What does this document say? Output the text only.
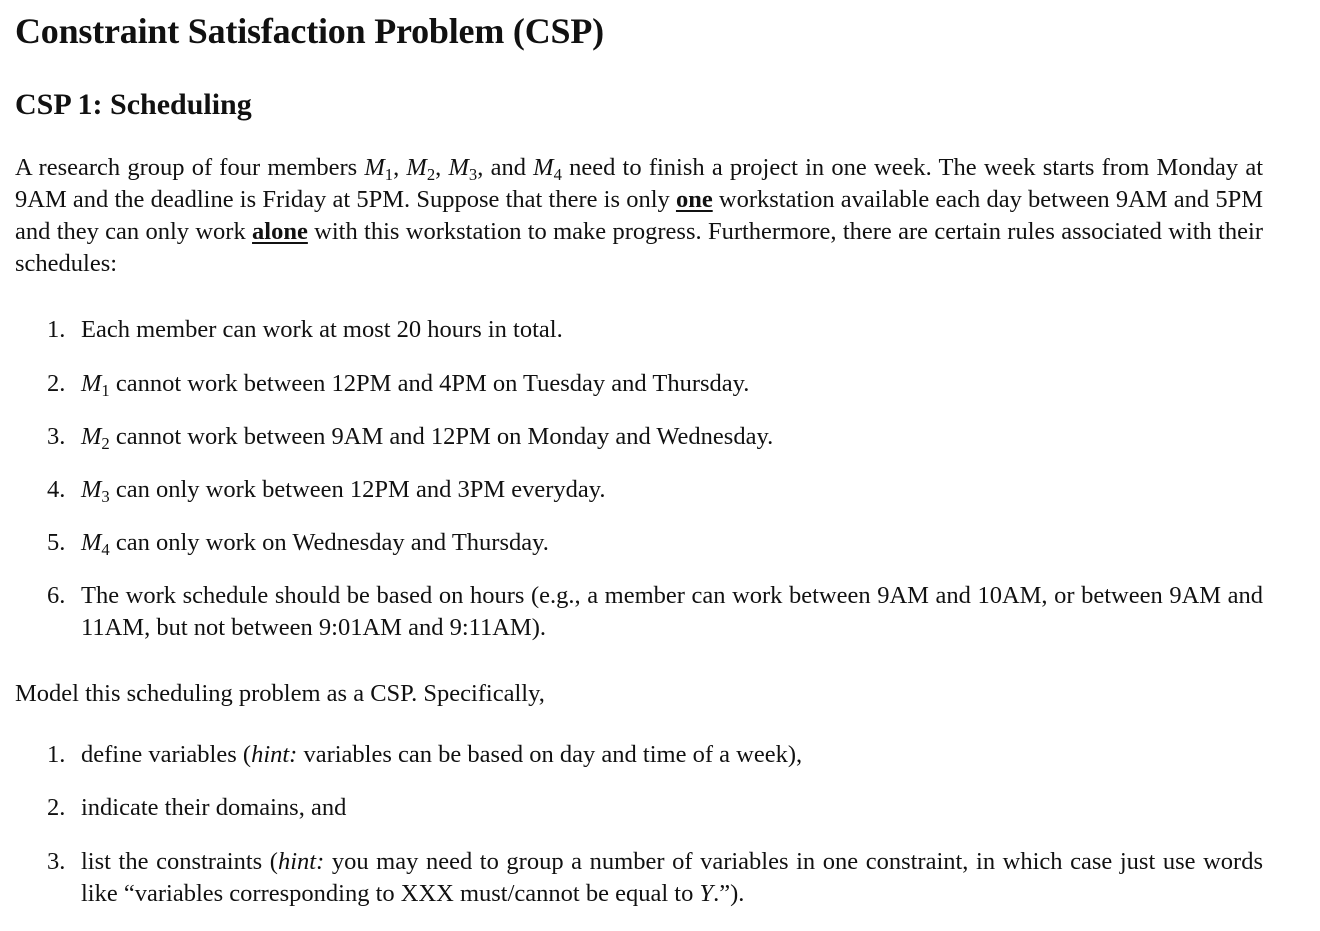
Constraint Satisfaction Problem (CSP)
CSP 1: Scheduling

A research group of four members $M_1$, $M_2$, $M_3$, and $M_4$ need to finish a project in one week. The week starts from Monday at 9AM and the deadline is Friday at 5PM. Suppose that there is only one workstation available each day between 9AM and 5PM and they can only work alone with this workstation to make progress. Furthermore, there are certain rules associated with their schedules:

1. Each member can work at most 20 hours in total.
2. $M_1$ cannot work between 12PM and 4PM on Tuesday and Thursday.
3. $M_2$ cannot work between 9AM and 12PM on Monday and Wednesday.
4. $M_3$ can only work between 12PM and 3PM everyday.
5. $M_4$ can only work on Wednesday and Thursday.
6. The work schedule should be based on hours (e.g., a member can work between 9AM and 10AM, or between 9AM and 11AM, but not between 9:01AM and 9:11AM).

Model this scheduling problem as a CSP. Specifically,

1. define variables (hint: variables can be based on day and time of a week),
2. indicate their domains, and
3. list the constraints (hint: you may need to group a number of variables in one constraint, in which case just use words like “variables corresponding to XXX must/cannot be equal to Y.”).
